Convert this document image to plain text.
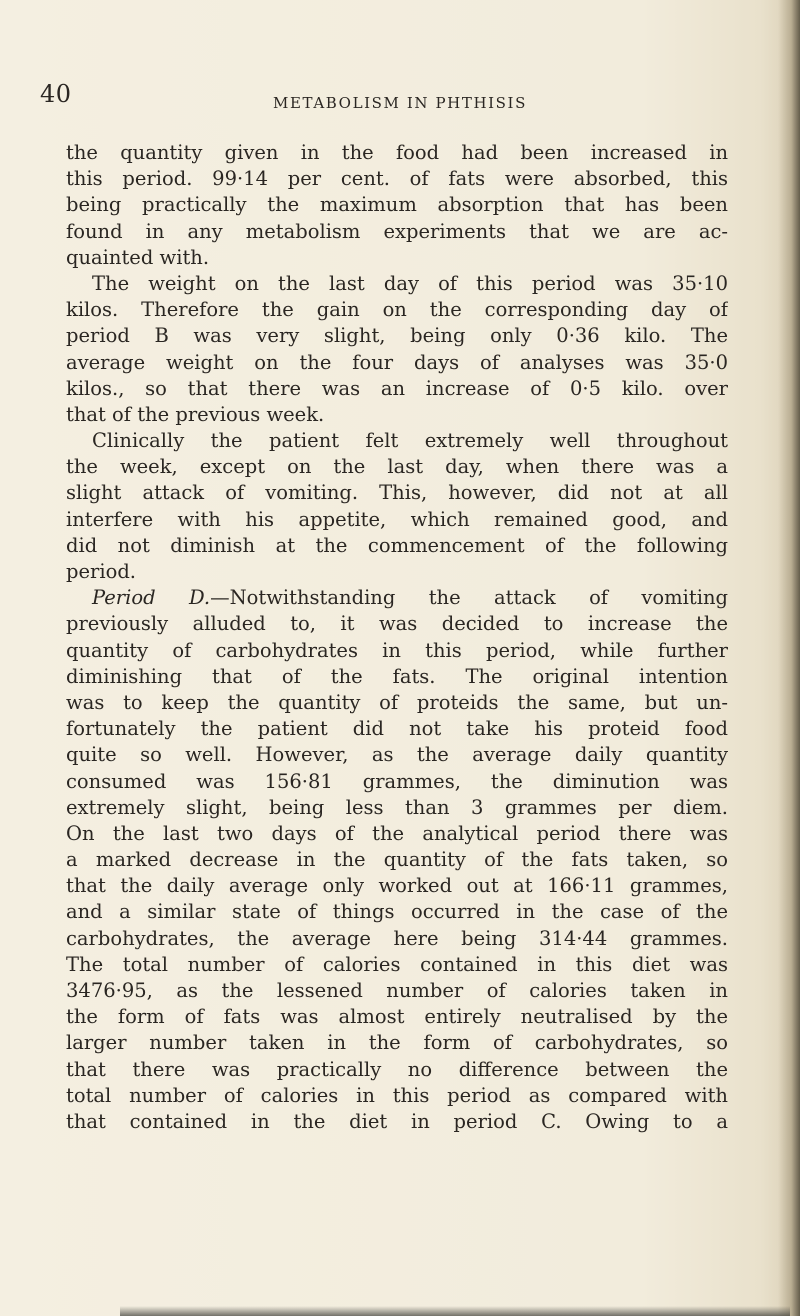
40	METABOLISM IN PHTHISIS
the quantity given in the food had been increased in
this period. 99·14 per cent. of fats were absorbed, this
being practically the maximum absorption that has been
found in any metabolism experiments that we are ac-
quainted with.
The weight on the last day of this period was 35·10
kilos. Therefore the gain on the corresponding day of
period B was very slight, being only 0·36 kilo. The
average weight on the four days of analyses was 35·0
kilos., so that there was an increase of 0·5 kilo. over
that of the previous week.
Clinically the patient felt extremely well throughout
the week, except on the last day, when there was a
slight attack of vomiting. This, however, did not at all
interfere with his appetite, which remained good, and
did not diminish at the commencement of the following
period.
Period D.—Notwithstanding the attack of vomiting
previously alluded to, it was decided to increase the
quantity of carbohydrates in this period, while further
diminishing that of the fats. The original intention
was to keep the quantity of proteids the same, but un-
fortunately the patient did not take his proteid food
quite so well. However, as the average daily quantity
consumed was 156·81 grammes, the diminution was
extremely slight, being less than 3 grammes per diem.
On the last two days of the analytical period there was
a marked decrease in the quantity of the fats taken, so
that the daily average only worked out at 166·11 grammes,
and a similar state of things occurred in the case of the
carbohydrates, the average here being 314·44 grammes.
The total number of calories contained in this diet was
3476·95, as the lessened number of calories taken in
the form of fats was almost entirely neutralised by the
larger number taken in the form of carbohydrates, so
that there was practically no difference between the
total number of calories in this period as compared with
that contained in the diet in period C. Owing to a
